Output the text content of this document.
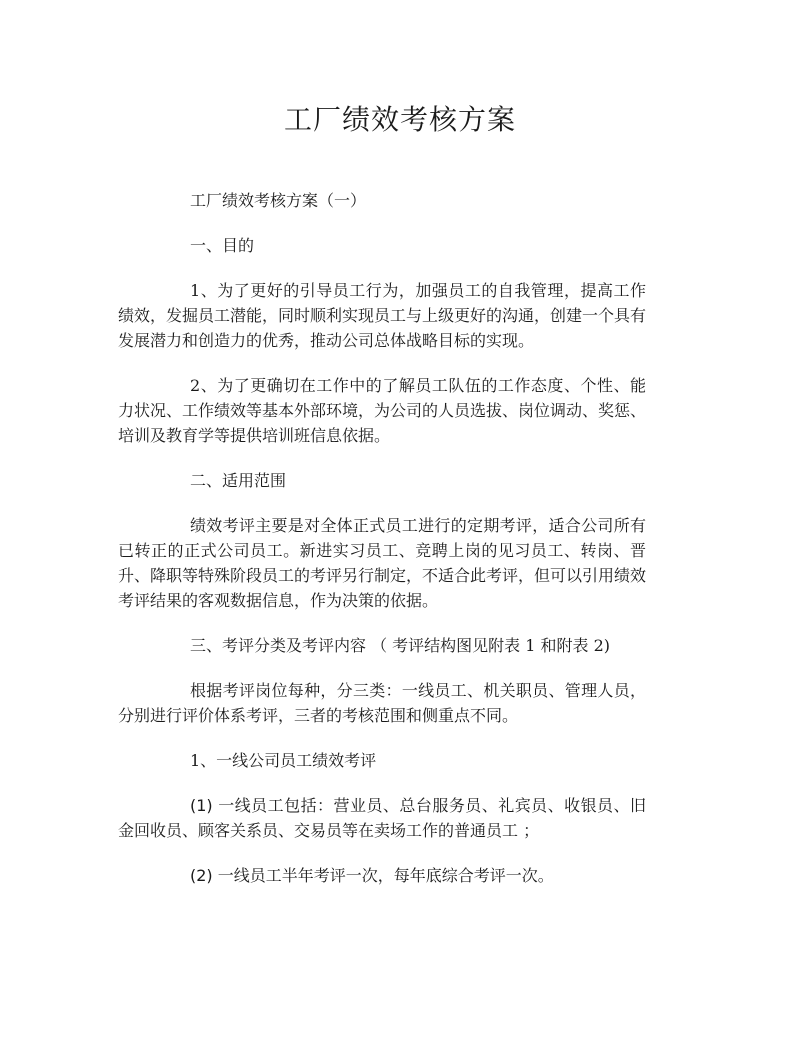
工厂绩效考核方案

工厂绩效考核方案（一）

一、目的

1、为了更好的引导员工行为，加强员工的自我管理，提高工作绩效，发掘员工潜能，同时顺利实现员工与上级更好的沟通，创建一个具有发展潜力和创造力的优秀，推动公司总体战略目标的实现。

2、为了更确切在工作中的了解员工队伍的工作态度、个性、能力状况、工作绩效等基本外部环境，为公司的人员选拔、岗位调动、奖惩、培训及教育学等提供培训班信息依据。

二、适用范围

绩效考评主要是对全体正式员工进行的定期考评，适合公司所有已转正的正式公司员工。新进实习员工、竞聘上岗的见习员工、转岗、晋升、降职等特殊阶段员工的考评另行制定，不适合此考评，但可以引用绩效考评结果的客观数据信息，作为决策的依据。

三、考评分类及考评内容 （ 考评结构图见附表 1 和附表 2)

根据考评岗位每种，分三类：一线员工、机关职员、管理人员，分别进行评价体系考评，三者的考核范围和侧重点不同。

1、一线公司员工绩效考评

(1) 一线员工包括：营业员、总台服务员、礼宾员、收银员、旧金回收员、顾客关系员、交易员等在卖场工作的普通员工 ；

(2) 一线员工半年考评一次，每年底综合考评一次。
